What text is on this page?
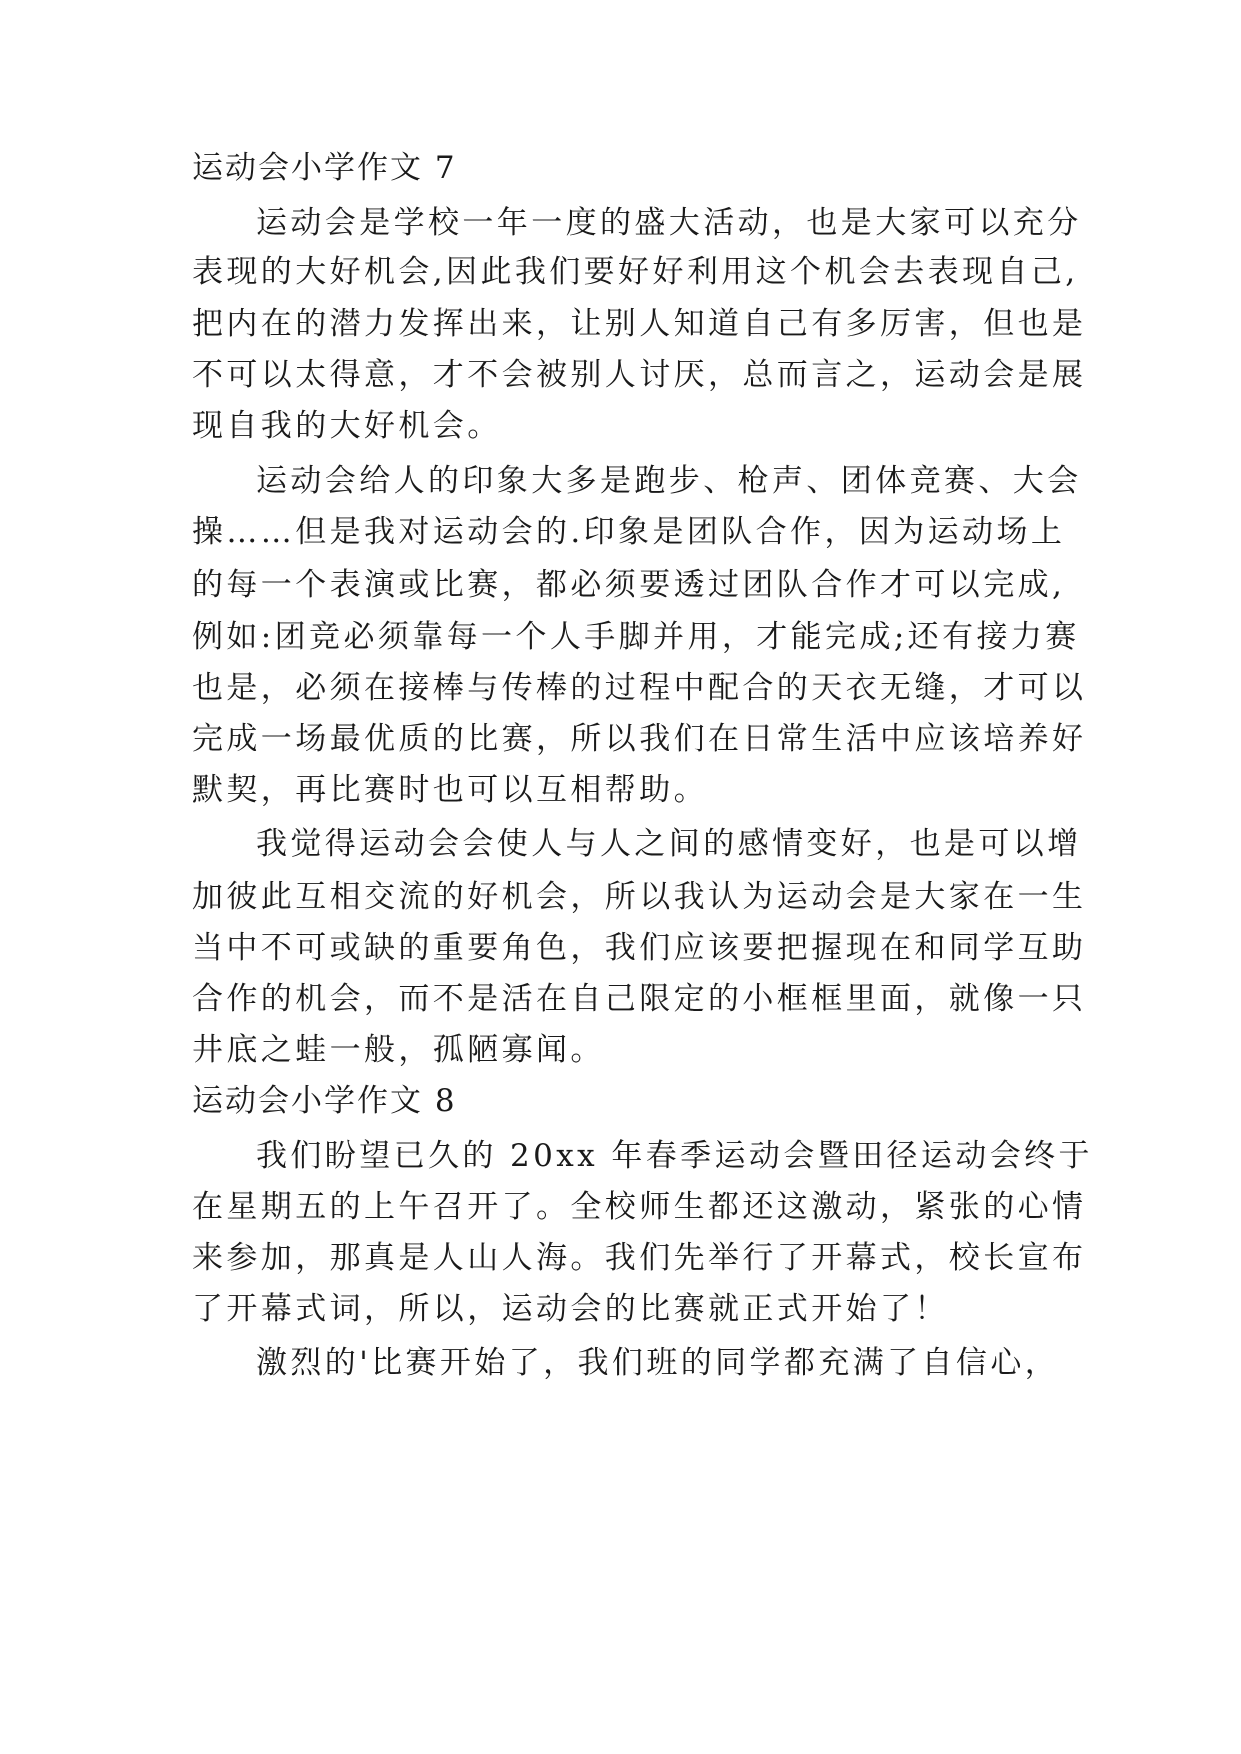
运动会小学作文 7
运动会是学校一年一度的盛大活动，也是大家可以充分
表现的大好机会,因此我们要好好利用这个机会去表现自己,
把内在的潜力发挥出来，让别人知道自己有多厉害，但也是
不可以太得意，才不会被别人讨厌，总而言之，运动会是展
现自我的大好机会。
运动会给人的印象大多是跑步、枪声、团体竞赛、大会
操……但是我对运动会的.印象是团队合作，因为运动场上
的每一个表演或比赛，都必须要透过团队合作才可以完成,
例如:团竞必须靠每一个人手脚并用，才能完成;还有接力赛
也是，必须在接棒与传棒的过程中配合的天衣无缝，才可以
完成一场最优质的比赛，所以我们在日常生活中应该培养好
默契，再比赛时也可以互相帮助。
我觉得运动会会使人与人之间的感情变好，也是可以增
加彼此互相交流的好机会，所以我认为运动会是大家在一生
当中不可或缺的重要角色，我们应该要把握现在和同学互助
合作的机会，而不是活在自己限定的小框框里面，就像一只
井底之蛙一般，孤陋寡闻。
运动会小学作文 8
我们盼望已久的 20xx 年春季运动会暨田径运动会终于
在星期五的上午召开了。全校师生都还这激动，紧张的心情
来参加，那真是人山人海。我们先举行了开幕式，校长宣布
了开幕式词，所以，运动会的比赛就正式开始了！
激烈的'比赛开始了，我们班的同学都充满了自信心，
